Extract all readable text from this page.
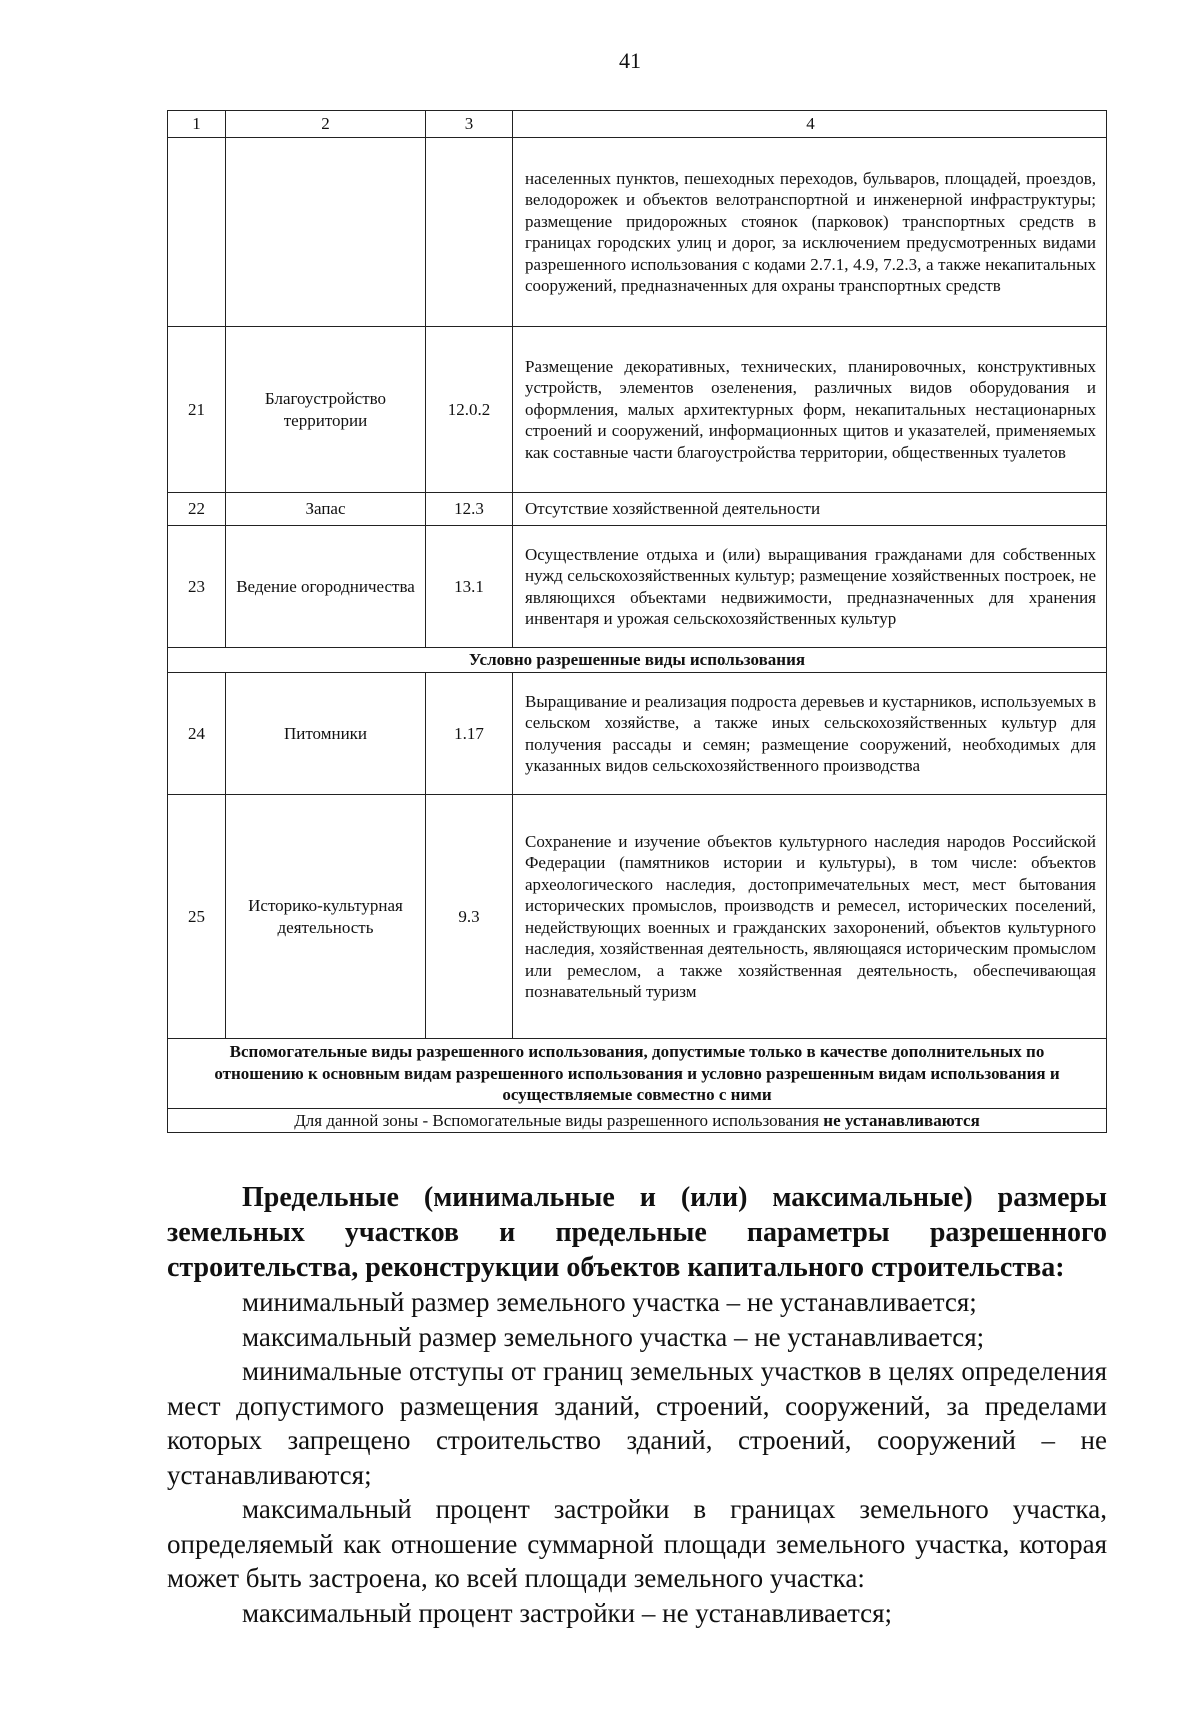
41
1	2	3	4
			населенных пунктов, пешеходных переходов, бульваров, площадей, проездов, велодорожек и объектов велотранспортной и инженерной инфраструктуры; размещение придорожных стоянок (парковок) транспортных средств в границах городских улиц и дорог, за исключением предусмотренных видами разрешенного использования с кодами 2.7.1, 4.9, 7.2.3, а также некапитальных сооружений, предназначенных для охраны транспортных средств
21	Благоустройство территории	12.0.2	Размещение декоративных, технических, планировочных, конструктивных устройств, элементов озеленения, различных видов оборудования и оформления, малых архитектурных форм, некапитальных нестационарных строений и сооружений, информационных щитов и указателей, применяемых как составные части благоустройства территории, общественных туалетов
22	Запас	12.3	Отсутствие хозяйственной деятельности
23	Ведение огородничества	13.1	Осуществление отдыха и (или) выращивания гражданами для собственных нужд сельскохозяйственных культур; размещение хозяйственных построек, не являющихся объектами недвижимости, предназначенных для хранения инвентаря и урожая сельскохозяйственных культур
Условно разрешенные виды использования			
24	Питомники	1.17	Выращивание и реализация подроста деревьев и кустарников, используемых в сельском хозяйстве, а также иных сельскохозяйственных культур для получения рассады и семян; размещение сооружений, необходимых для указанных видов сельскохозяйственного производства
25	Историко-культурная деятельность	9.3	Сохранение и изучение объектов культурного наследия народов Российской Федерации (памятников истории и культуры), в том числе: объектов археологического наследия, достопримечательных мест, мест бытования исторических промыслов, производств и ремесел, исторических поселений, недействующих военных и гражданских захоронений, объектов культурного наследия, хозяйственная деятельность, являющаяся историческим промыслом или ремеслом, а также хозяйственная деятельность, обеспечивающая познавательный туризм
Вспомогательные виды разрешенного использования, допустимые только в качестве дополнительных по отношению к основным видам разрешенного использования и условно разрешенным видам использования и осуществляемые совместно с ними			
Для данной зоны - Вспомогательные виды разрешенного использования не устанавливаются			

Предельные (минимальные и (или) максимальные) размеры земельных участков и предельные параметры разрешенного строительства, реконструкции объектов капитального строительства:

минимальный размер земельного участка – не устанавливается;

максимальный размер земельного участка – не устанавливается;

минимальные отступы от границ земельных участков в целях определения мест допустимого размещения зданий, строений, сооружений, за пределами которых запрещено строительство зданий, строений, сооружений – не устанавливаются;

максимальный процент застройки в границах земельного участка, определяемый как отношение суммарной площади земельного участка, которая может быть застроена, ко всей площади земельного участка:

максимальный процент застройки – не устанавливается;
